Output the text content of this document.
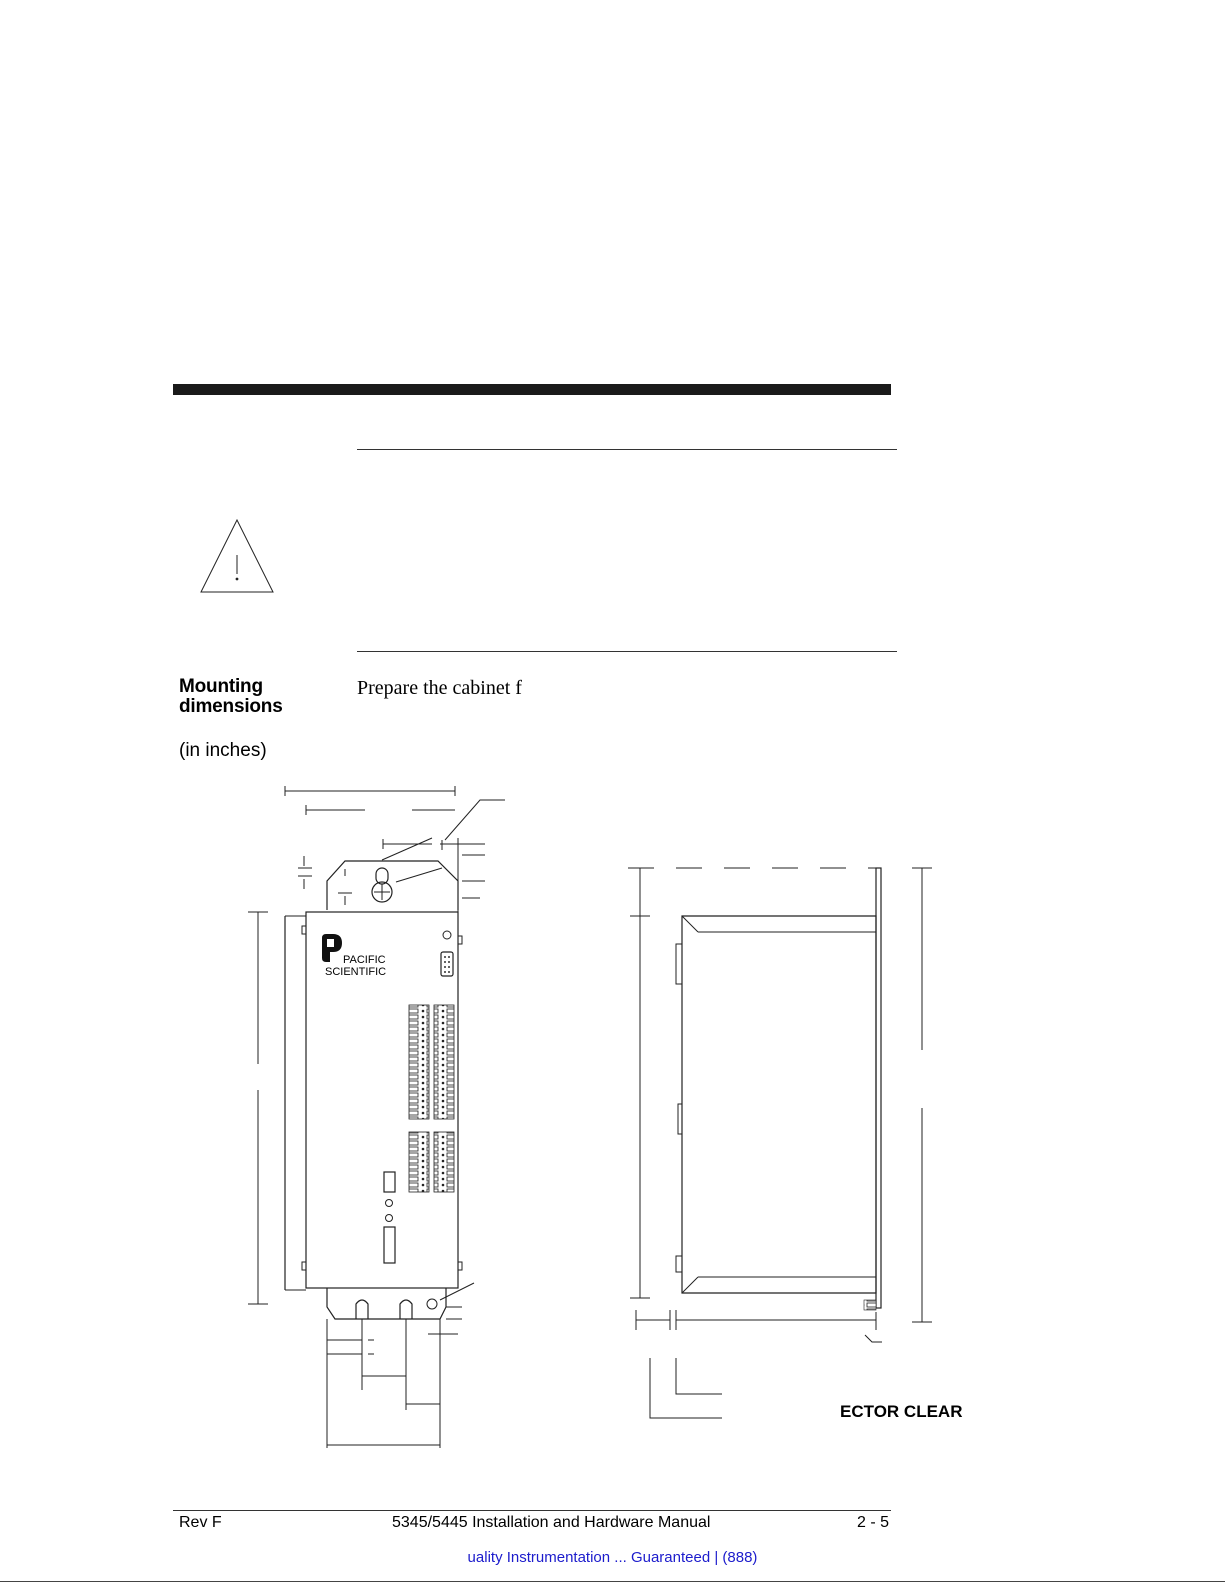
PACIFIC
SCIENTIFIC
Mounting dimensions
(in inches)
Prepare the cabinet f
ECTOR CLEAR
Rev F	5345/5445 Installation and Hardware Manual	2 - 5
uality Instrumentation ... Guaranteed | (888)
